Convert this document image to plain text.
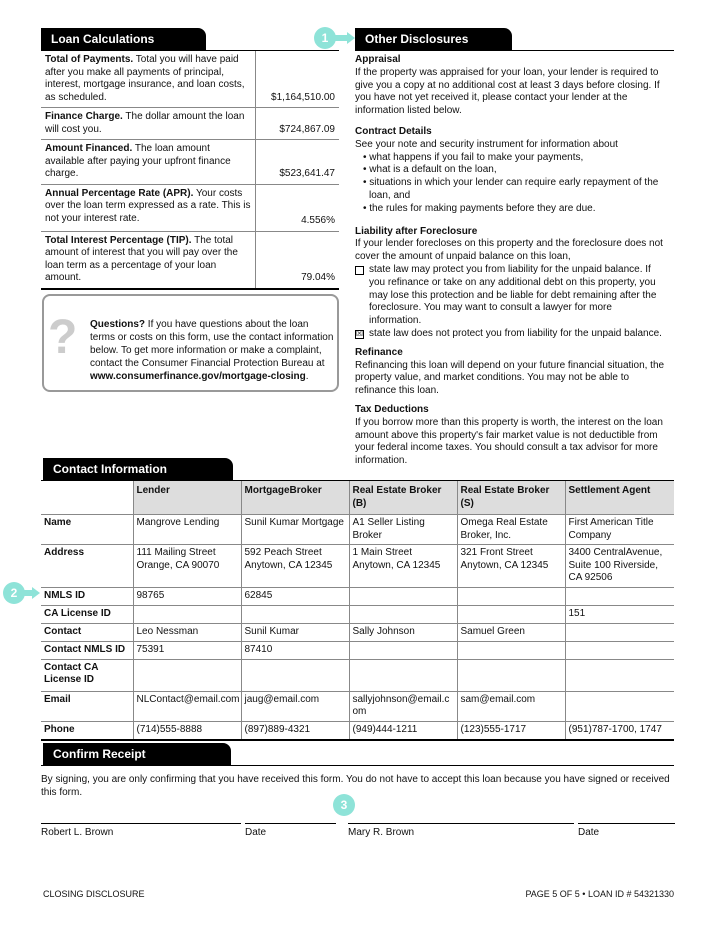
Loan Calculations
Total of Payments. Total you will have paid after you make all payments of principal, interest, mortgage insurance, and loan costs, as scheduled.	$1,164,510.00
Finance Charge. The dollar amount the loan will cost you.	$724,867.09
Amount Financed. The loan amount available after paying your upfront finance charge.	$523,641.47
Annual Percentage Rate (APR). Your costs over the loan term expressed as a rate. This is not your interest rate.	4.556%
Total Interest Percentage (TIP). The total amount of interest that you will pay over the loan term as a percentage of your loan amount.	79.04%
? Questions? If you have questions about the loan terms or costs on this form, use the contact information below. To get more information or make a complaint, contact the Consumer Financial Protection Bureau at www.consumerfinance.gov/mortgage-closing.
1	Other Disclosures
Appraisal

If the property was appraised for your loan, your lender is required to give you a copy at no additional cost at least 3 days before closing. If you have not yet received it, please contact your lender at the information listed below.

Contract Details

See your note and security instrument for information about

• what happens if you fail to make your payments,
• what is a default on the loan,
• situations in which your lender can require early repayment of the loan, and
• the rules for making payments before they are due.
Liability after Foreclosure

If your lender forecloses on this property and the foreclosure does not cover the amount of unpaid balance on this loan,

state law may protect you from liability for the unpaid balance. If you refinance or take on any additional debt on this property, you may lose this protection and be liable for debt remaining after the foreclosure. You may want to consult a lawyer for more information.
☒ state law does not protect you from liability for the unpaid balance.
Refinance

Refinancing this loan will depend on your future financial situation, the property value, and market conditions. You may not be able to refinance this loan.

Tax Deductions

If you borrow more than this property is worth, the interest on the loan amount above this property's fair market value is not deductible from your federal income taxes. You should consult a tax advisor for more information.

Contact Information
	Lender	MortgageBroker	Real Estate Broker (B)	Real Estate Broker (S)	Settlement Agent
Name	Mangrove Lending	Sunil Kumar Mortgage	A1 Seller Listing Broker	Omega Real Estate Broker, Inc.	First American Title Company
Address	111 Mailing Street Orange, CA 90070	592 Peach Street Anytown, CA 12345	1 Main Street Anytown, CA 12345	321 Front Street Anytown, CA 12345	3400 CentralAvenue, Suite 100 Riverside, CA 92506
NMLS ID	98765	62845			
CA License ID					151
Contact	Leo Nessman	Sunil Kumar	Sally Johnson	Samuel Green	
Contact NMLS ID	75391	87410			
Contact CA License ID					
Email	NLContact@email.com	jaug@email.com	sallyjohnson@email.com	sam@email.com	
Phone	(714)555-8888	(897)889-4321	(949)444-1211	(123)555-1717	(951)787-1700, 1747
2
Confirm Receipt
By signing, you are only confirming that you have received this form. You do not have to accept this loan because you have signed or received this form.
3
Robert L. Brown	Date	Mary R. Brown	Date
CLOSING DISCLOSURE	PAGE 5 OF 5 • LOAN ID # 54321330
